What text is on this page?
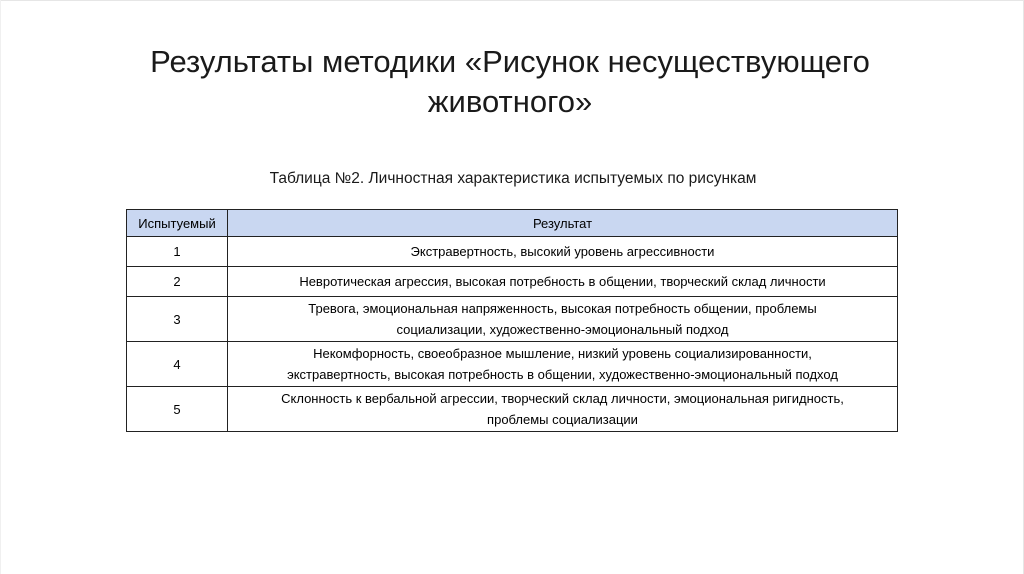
Результаты методики «Рисунок несуществующего
животного»
Таблица №2. Личностная характеристика испытуемых по рисункам
Испытуемый	Результат
1	Экстравертность, высокий уровень агрессивности

2	Невротическая агрессия, высокая потребность в общении, творческий склад личности

3	Тревога, эмоциональная напряженность, высокая потребность общении, проблемы
социализации, художественно-эмоциональный подход

4	Некомфорность, своеобразное мышление, низкий уровень социализированности,
экстравертность, высокая потребность в общении, художественно-эмоциональный подход

5	Склонность к вербальной агрессии, творческий склад личности, эмоциональная ригидность,
проблемы социализации
